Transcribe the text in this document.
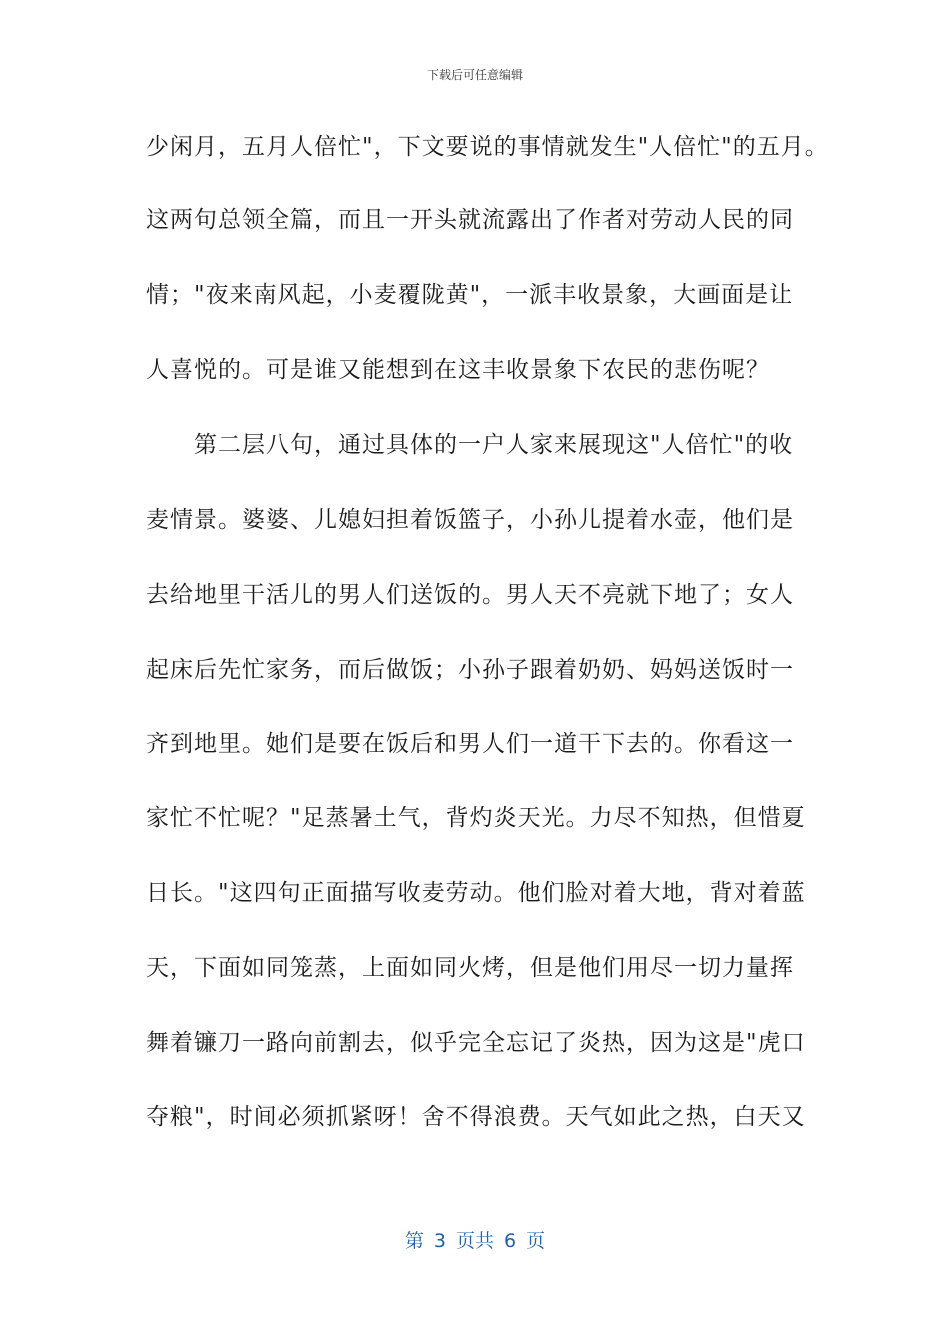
下载后可任意编辑
少闲月，五月人倍忙"，下文要说的事情就发生"人倍忙"的五月。
这两句总领全篇，而且一开头就流露出了作者对劳动人民的同
情；"夜来南风起，小麦覆陇黄"，一派丰收景象，大画面是让
人喜悦的。可是谁又能想到在这丰收景象下农民的悲伤呢？
第二层八句，通过具体的一户人家来展现这"人倍忙"的收
麦情景。婆婆、儿媳妇担着饭篮子，小孙儿提着水壶，他们是
去给地里干活儿的男人们送饭的。男人天不亮就下地了；女人
起床后先忙家务，而后做饭；小孙子跟着奶奶、妈妈送饭时一
齐到地里。她们是要在饭后和男人们一道干下去的。你看这一
家忙不忙呢？"足蒸暑土气，背灼炎天光。力尽不知热，但惜夏
日长。"这四句正面描写收麦劳动。他们脸对着大地，背对着蓝
天，下面如同笼蒸，上面如同火烤，但是他们用尽一切力量挥
舞着镰刀一路向前割去，似乎完全忘记了炎热，因为这是"虎口
夺粮"，时间必须抓紧呀！舍不得浪费。天气如此之热，白天又
第 3 页共 6 页
